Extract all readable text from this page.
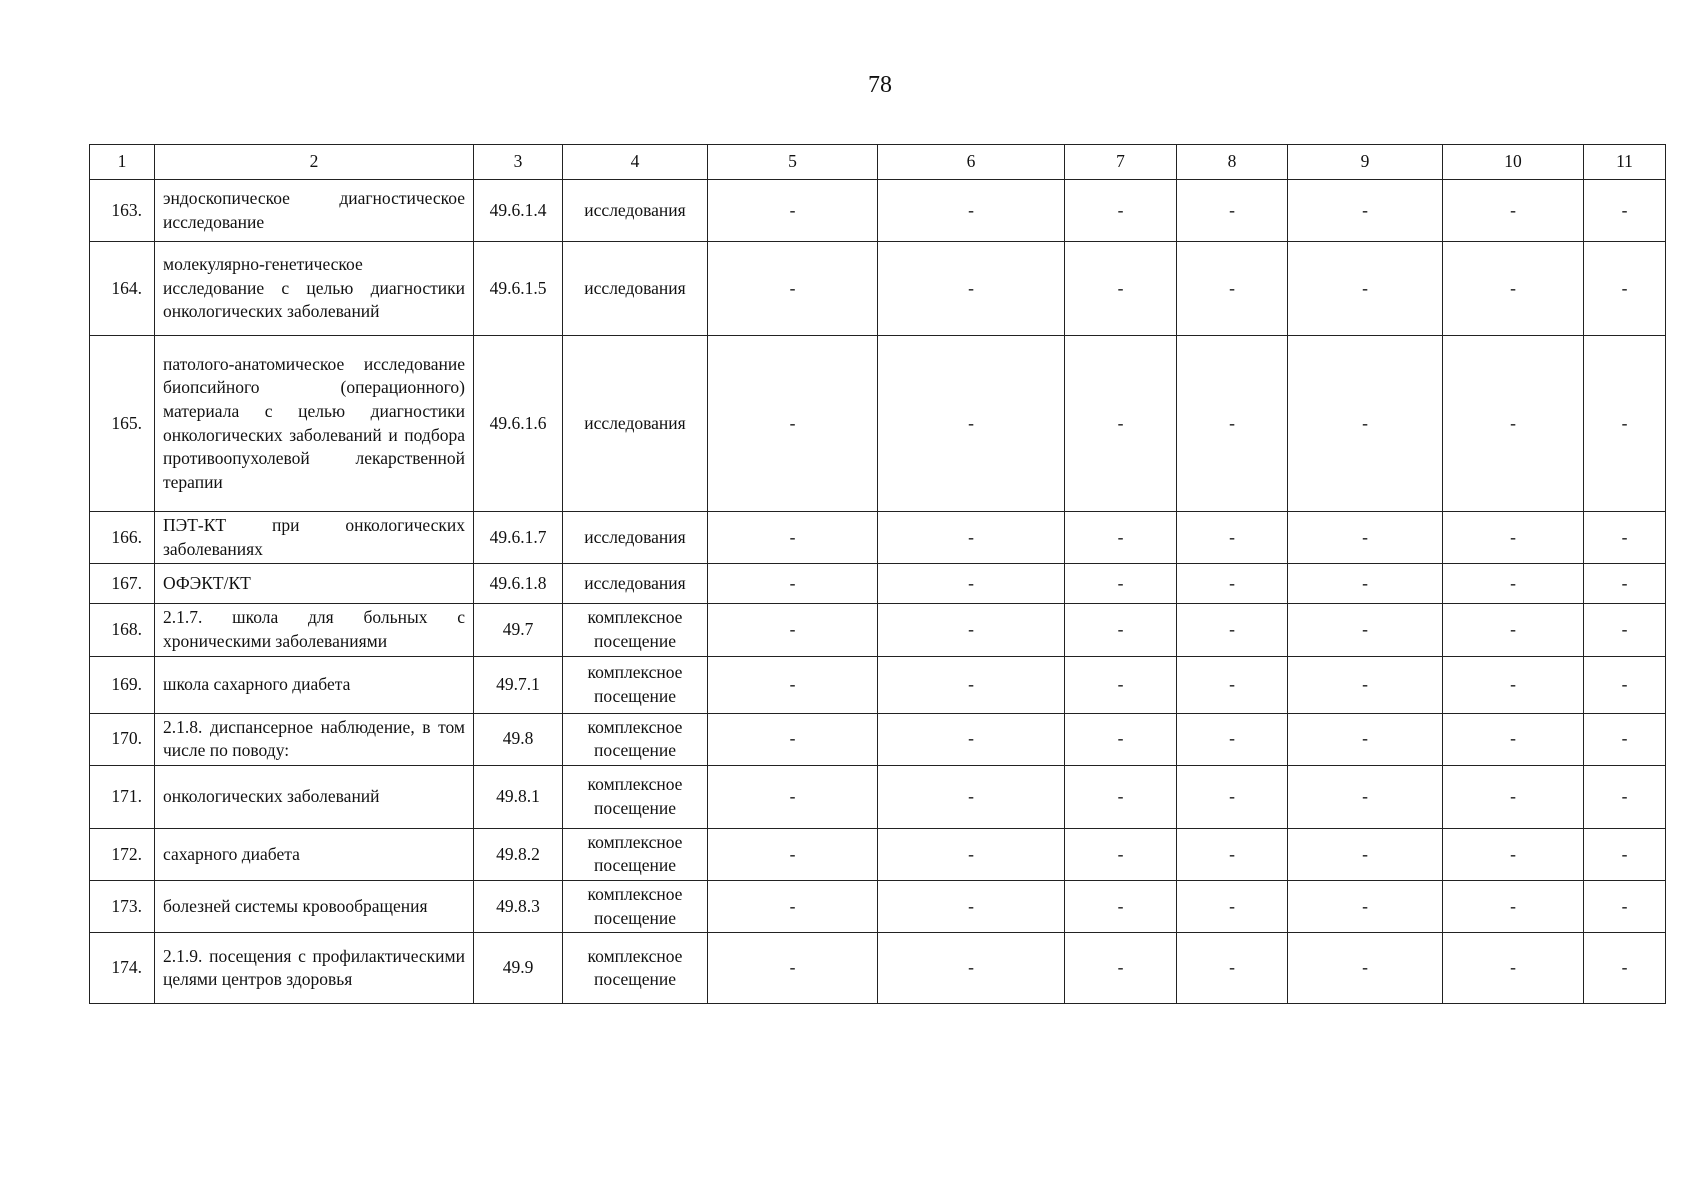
78
1	2	3	4	5	6	7	8	9	10	11
163.	эндоскопическое диагностическое исследование	49.6.1.4	исследования	-	-	-	-	-	-	-
164.	молекулярно-генетическое исследование с целью диагностики онкологических заболеваний	49.6.1.5	исследования	-	-	-	-	-	-	-
165.	патолого-анатомическое исследование биопсийного (операционного) материала с целью диагностики онкологических заболеваний и подбора противоопухолевой лекарственной терапии	49.6.1.6	исследования	-	-	-	-	-	-	-
166.	ПЭТ-КТ при онкологических заболеваниях	49.6.1.7	исследования	-	-	-	-	-	-	-
167.	ОФЭКТ/КТ	49.6.1.8	исследования	-	-	-	-	-	-	-
168.	2.1.7. школа для больных с хроническими заболеваниями	49.7	комплексное посещение	-	-	-	-	-	-	-
169.	школа сахарного диабета	49.7.1	комплексное посещение	-	-	-	-	-	-	-
170.	2.1.8. диспансерное наблюдение, в том числе по поводу:	49.8	комплексное посещение	-	-	-	-	-	-	-
171.	онкологических заболеваний	49.8.1	комплексное посещение	-	-	-	-	-	-	-
172.	сахарного диабета	49.8.2	комплексное посещение	-	-	-	-	-	-	-
173.	болезней системы кровообращения	49.8.3	комплексное посещение	-	-	-	-	-	-	-
174.	2.1.9. посещения с профилактическими целями центров здоровья	49.9	комплексное посещение	-	-	-	-	-	-	-
